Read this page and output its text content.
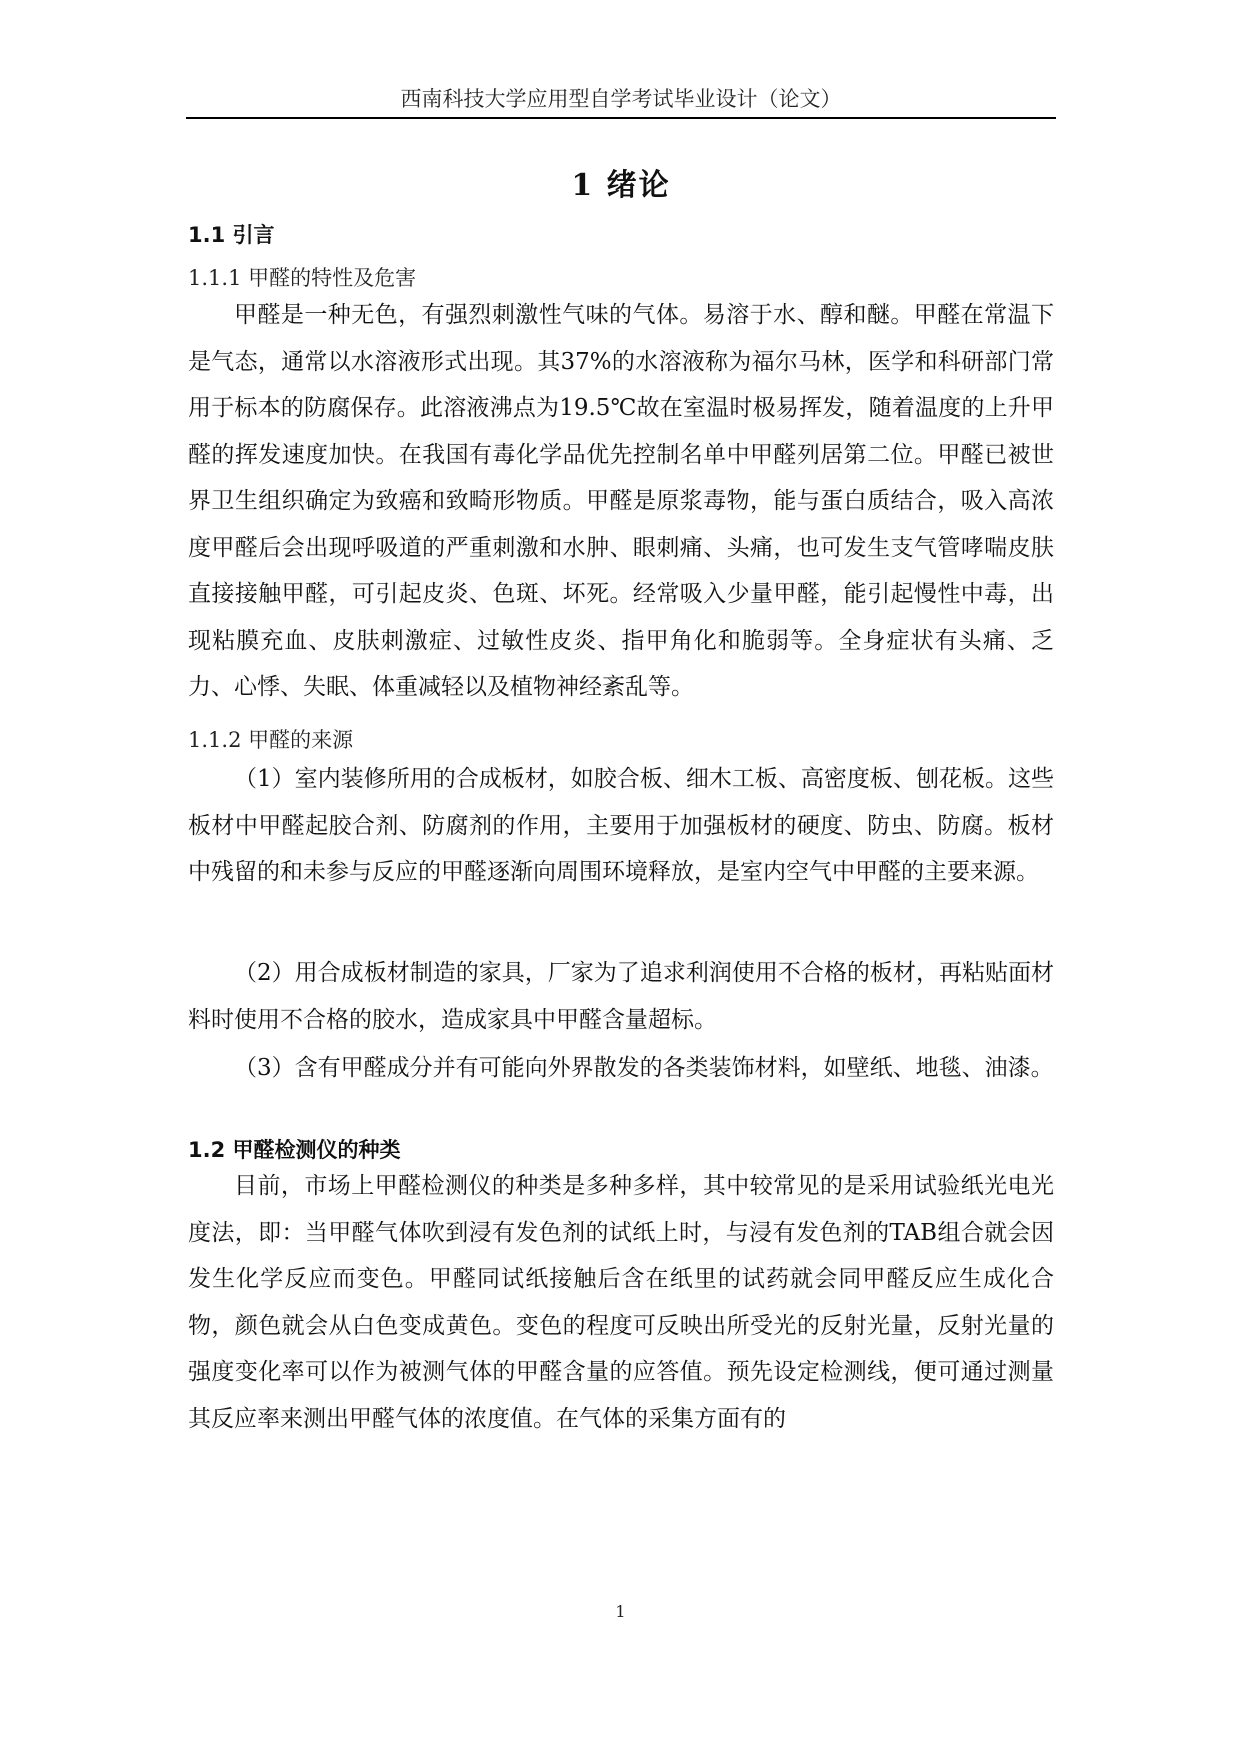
西南科技大学应用型自学考试毕业设计（论文）
1 绪论
1.1 引言
1.1.1 甲醛的特性及危害

甲醛是一种无色，有强烈刺激性气味的气体。易溶于水、醇和醚。甲醛在常温下是气态，通常以水溶液形式出现。其37%的水溶液称为福尔马林，医学和科研部门常用于标本的防腐保存。此溶液沸点为19.5℃故在室温时极易挥发，随着温度的上升甲醛的挥发速度加快。在我国有毒化学品优先控制名单中甲醛列居第二位。甲醛已被世界卫生组织确定为致癌和致畸形物质。甲醛是原浆毒物，能与蛋白质结合，吸入高浓度甲醛后会出现呼吸道的严重刺激和水肿、眼刺痛、头痛，也可发生支气管哮喘皮肤直接接触甲醛，可引起皮炎、色斑、坏死。经常吸入少量甲醛，能引起慢性中毒，出现粘膜充血、皮肤刺激症、过敏性皮炎、指甲角化和脆弱等。全身症状有头痛、乏力、心悸、失眠、体重减轻以及植物神经紊乱等。

1.1.2 甲醛的来源

（1）室内装修所用的合成板材，如胶合板、细木工板、高密度板、刨花板。这些板材中甲醛起胶合剂、防腐剂的作用，主要用于加强板材的硬度、防虫、防腐。板材中残留的和未参与反应的甲醛逐渐向周围环境释放，是室内空气中甲醛的主要来源。

（2）用合成板材制造的家具，厂家为了追求利润使用不合格的板材，再粘贴面材料时使用不合格的胶水，造成家具中甲醛含量超标。

（3）含有甲醛成分并有可能向外界散发的各类装饰材料，如壁纸、地毯、油漆。

1.2 甲醛检测仪的种类

目前，市场上甲醛检测仪的种类是多种多样，其中较常见的是采用试验纸光电光度法，即：当甲醛气体吹到浸有发色剂的试纸上时，与浸有发色剂的TAB组合就会因发生化学反应而变色。甲醛同试纸接触后含在纸里的试药就会同甲醛反应生成化合物，颜色就会从白色变成黄色。变色的程度可反映出所受光的反射光量，反射光量的强度变化率可以作为被测气体的甲醛含量的应答值。预先设定检测线，便可通过测量其反应率来测出甲醛气体的浓度值。在气体的采集方面有的

1
